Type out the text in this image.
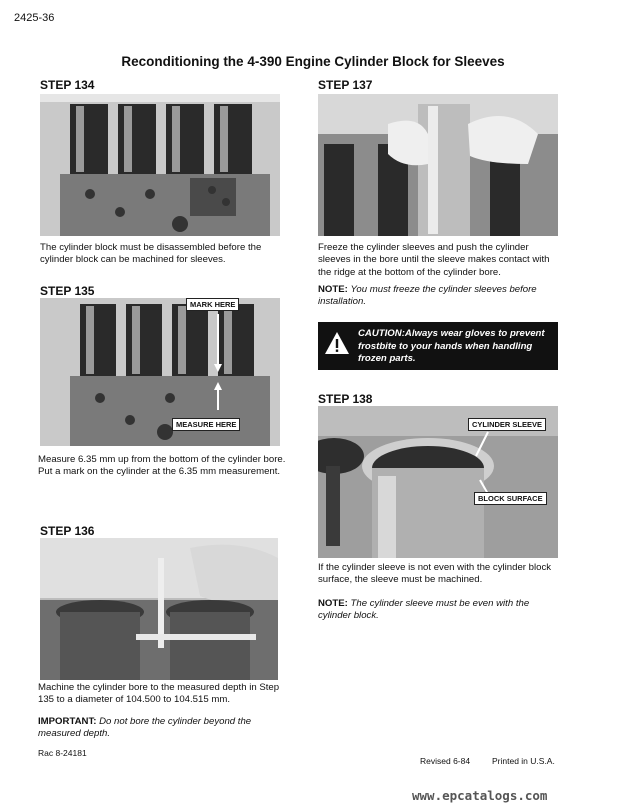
2425-36
Reconditioning the 4-390 Engine Cylinder Block for Sleeves
STEP 134
The cylinder block must be disassembled before the cylinder block can be machined for sleeves.
STEP 135
MARK HERE
MEASURE HERE
Measure 6.35 mm up from the bottom of the cylinder bore. Put a mark on the cylinder at the 6.35 mm measurement.
STEP 136
Machine the cylinder bore to the measured depth in Step 135 to a diameter of 104.500 to 104.515 mm.
IMPORTANT: Do not bore the cylinder beyond the measured depth.
STEP 137
Freeze the cylinder sleeves and push the cylinder sleeves in the bore until the sleeve makes contact with the ridge at the bottom of the cylinder bore.
NOTE: You must freeze the cylinder sleeves before installation.
CAUTION:Always wear gloves to prevent frostbite to your hands when handling frozen parts.
STEP 138
CYLINDER SLEEVE
BLOCK SURFACE
If the cylinder sleeve is not even with the cylinder block surface, the sleeve must be machined.
NOTE: The cylinder sleeve must be even with the cylinder block.
Rac 8-24181
Revised 6-84	Printed in U.S.A.
www.epcatalogs.com
